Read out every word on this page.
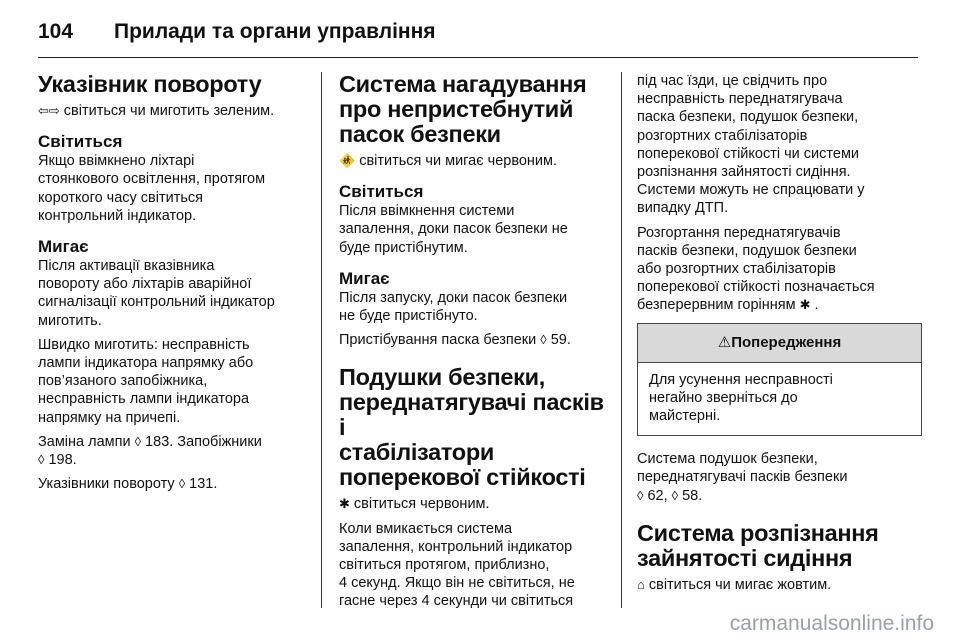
104 Прилади та органи управління
Указівник повороту
⇦⇨ світиться чи миготить зеленим.
Світиться
Якщо ввімкнено ліхтарі
стоянкового освітлення, протягом
короткого часу світиться
контрольний індикатор.
Мигає
Після активації вказівника
повороту або ліхтарів аварійної
сигналізації контрольний індикатор
миготить.
Швидко миготить: несправність
лампи індикатора напрямку або
пов’язаного запобіжника,
несправність лампи індикатора
напрямку на причепі.
Заміна лампи ◊ 183. Запобіжники
◊ 198.
Указівники повороту ◊ 131.
Система нагадування
про непристебнутий
пасок безпеки
🚸 світиться чи мигає червоним.
Світиться
Після ввімкнення системи
запалення, доки пасок безпеки не
буде пристібнутим.
Мигає
Після запуску, доки пасок безпеки
не буде пристібнуто.
Пристібування паска безпеки ◊ 59.
Подушки безпеки,
переднатягувачі пасків і
стабілізатори
поперекової стійкості
✱ світиться червоним.
Коли вмикається система
запалення, контрольний індикатор
світиться протягом, приблизно,
4 секунд. Якщо він не світиться, не
гасне через 4 секунди чи світиться
під час їзди, це свідчить про
несправність переднатягувача
паска безпеки, подушок безпеки,
розгортних стабілізаторів
поперекової стійкості чи системи
розпізнання зайнятості сидіння.
Системи можуть не спрацювати у
випадку ДТП.
Розгортання переднатягувачів
пасків безпеки, подушок безпеки
або розгортних стабілізаторів
поперекової стійкості позначається
безперервним горінням ✱ .
⚠Попередження
Для усунення несправності
негайно зверніться до
майстерні.
Система подушок безпеки,
переднатягувачі пасків безпеки
◊ 62, ◊ 58.
Система розпізнання
зайнятості сидіння
⌂ світиться чи мигає жовтим.
carmanualsonline.info
